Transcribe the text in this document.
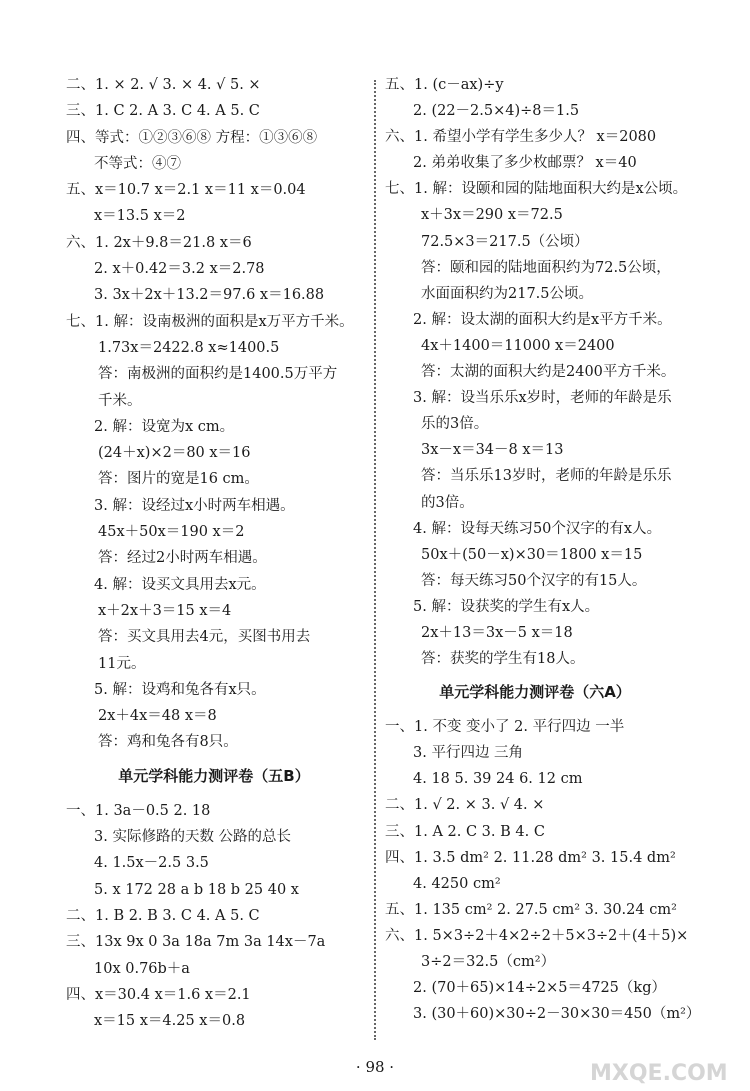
二、1. × 2. √ 3. × 4. √ 5. ×
三、1. C 2. A 3. C 4. A 5. C
四、等式：①②③⑥⑧ 方程：①③⑥⑧
不等式：④⑦
五、x＝10.7 x＝2.1 x＝11 x＝0.04
x＝13.5 x＝2
六、1. 2x＋9.8＝21.8 x＝6
2. x＋0.42＝3.2 x＝2.78
3. 3x＋2x＋13.2＝97.6 x＝16.88
七、1. 解：设南极洲的面积是x万平方千米。
1.73x＝2422.8 x≈1400.5
答：南极洲的面积约是1400.5万平方
千米。
2. 解：设宽为x cm。
(24＋x)×2＝80 x＝16
答：图片的宽是16 cm。
3. 解：设经过x小时两车相遇。
45x＋50x＝190 x＝2
答：经过2小时两车相遇。
4. 解：设买文具用去x元。
x＋2x＋3＝15 x＝4
答：买文具用去4元，买图书用去
11元。
5. 解：设鸡和兔各有x只。
2x＋4x＝48 x＝8
答：鸡和兔各有8只。
单元学科能力测评卷（五B）
一、1. 3a－0.5 2. 18
3. 实际修路的天数 公路的总长
4. 1.5x－2.5 3.5
5. x 172 28 a b 18 b 25 40 x
二、1. B 2. B 3. C 4. A 5. C
三、13x 9x 0 3a 18a 7m 3a 14x－7a
10x 0.76b＋a
四、x＝30.4 x＝1.6 x＝2.1
x＝15 x＝4.25 x＝0.8
五、1. (c－ax)÷y
2. (22－2.5×4)÷8＝1.5
六、1. 希望小学有学生多少人？ x＝2080
2. 弟弟收集了多少枚邮票？ x＝40
七、1. 解：设颐和园的陆地面积大约是x公顷。
x＋3x＝290 x＝72.5
72.5×3＝217.5（公顷）
答：颐和园的陆地面积约为72.5公顷，
水面面积约为217.5公顷。
2. 解：设太湖的面积大约是x平方千米。
4x＋1400＝11000 x＝2400
答：太湖的面积大约是2400平方千米。
3. 解：设当乐乐x岁时，老师的年龄是乐
乐的3倍。
3x－x＝34－8 x＝13
答：当乐乐13岁时，老师的年龄是乐乐
的3倍。
4. 解：设每天练习50个汉字的有x人。
50x＋(50－x)×30＝1800 x＝15
答：每天练习50个汉字的有15人。
5. 解：设获奖的学生有x人。
2x＋13＝3x－5 x＝18
答：获奖的学生有18人。
单元学科能力测评卷（六A）
一、1. 不变 变小了 2. 平行四边 一半
3. 平行四边 三角
4. 18 5. 39 24 6. 12 cm
二、1. √ 2. × 3. √ 4. ×
三、1. A 2. C 3. B 4. C
四、1. 3.5 dm² 2. 11.28 dm² 3. 15.4 dm²
4. 4250 cm²
五、1. 135 cm² 2. 27.5 cm² 3. 30.24 cm²
六、1. 5×3÷2＋4×2÷2＋5×3÷2＋(4＋5)×
3÷2＝32.5（cm²）
2. (70＋65)×14÷2×5＝4725（kg）
3. (30＋60)×30÷2－30×30＝450（m²）
· 98 ·	MXQE.COM
